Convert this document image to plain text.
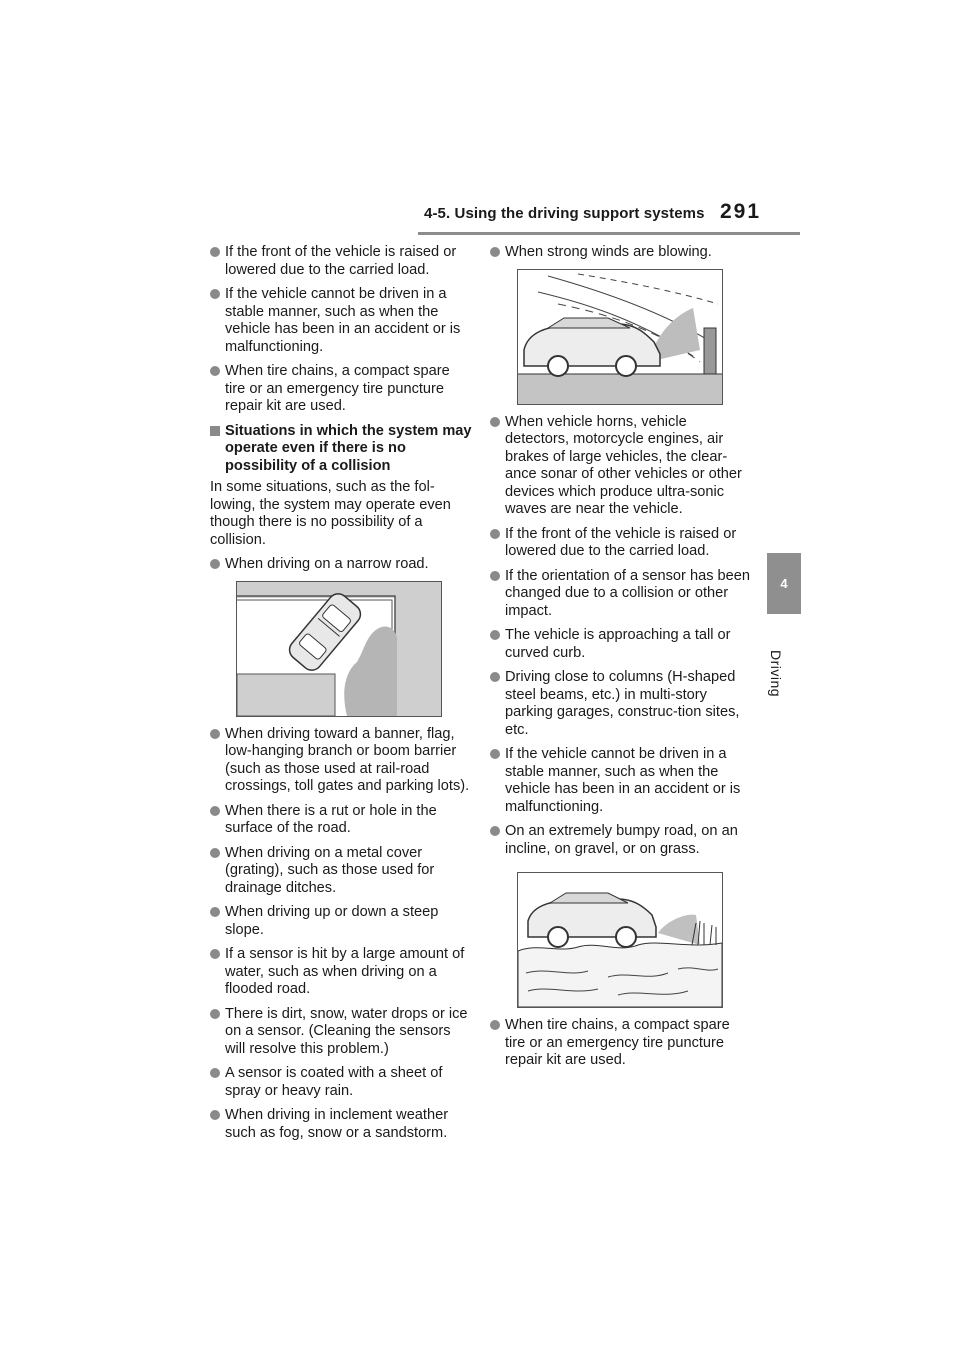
4-5. Using the driving support systems 291
4
Driving
If the front of the vehicle is raised or lowered due to the carried load.
If the vehicle cannot be driven in a stable manner, such as when the vehicle has been in an accident or is malfunctioning.
When tire chains, a compact spare tire or an emergency tire puncture repair kit are used.
Situations in which the system may operate even if there is no possibility of a collision
In some situations, such as the fol-lowing, the system may operate even though there is no possibility of a collision.
When driving on a narrow road.
When driving toward a banner, flag, low-hanging branch or boom barrier (such as those used at rail-road crossings, toll gates and parking lots).
When there is a rut or hole in the surface of the road.
When driving on a metal cover (grating), such as those used for drainage ditches.
When driving up or down a steep slope.
If a sensor is hit by a large amount of water, such as when driving on a flooded road.
There is dirt, snow, water drops or ice on a sensor. (Cleaning the sensors will resolve this problem.)
A sensor is coated with a sheet of spray or heavy rain.
When driving in inclement weather such as fog, snow or a sandstorm.
When strong winds are blowing.
When vehicle horns, vehicle detectors, motorcycle engines, air brakes of large vehicles, the clear-ance sonar of other vehicles or other devices which produce ultra-sonic waves are near the vehicle.
If the front of the vehicle is raised or lowered due to the carried load.
If the orientation of a sensor has been changed due to a collision or other impact.
The vehicle is approaching a tall or curved curb.
Driving close to columns (H-shaped steel beams, etc.) in multi-story parking garages, construc-tion sites, etc.
If the vehicle cannot be driven in a stable manner, such as when the vehicle has been in an accident or is malfunctioning.
On an extremely bumpy road, on an incline, on gravel, or on grass.
When tire chains, a compact spare tire or an emergency tire puncture repair kit are used.
